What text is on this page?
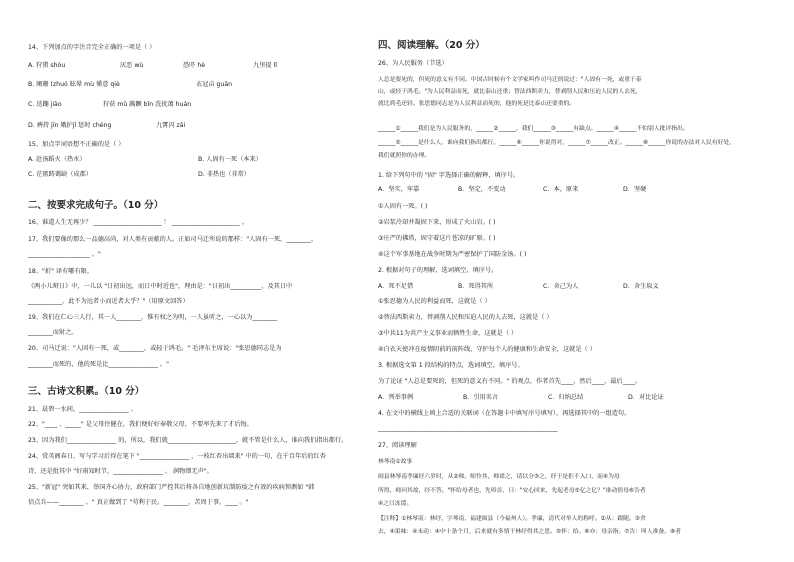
14、下列加点的字注音完全正确的一项是（ ）
A. 狩猎 shòu	厌恶 wù	恐吓 hè	九里提 lǐ
B. 阑珊 (zhuó 眩晕 mù 懂意 qiè	衣冠亩 guān
C. 迭蹦 jiāo	狩获 mǔ 蹒蹶 bǐn 洗扰蔼 huán
D. 裤持 jīn 娥护jǐ 惩时 chéng	九霄闪 zāi
15、加点字词语想不正确的是（ ）
A. 赴汤蹈火（热水）	B. 人固有一死（本来）
C. 茫匿踌蔼缺（成都）	D. 非热也（非常）
二、按要求完成句子。（10 分）
16、谁道人生无再少？ ______________________ ！ ______________________ 。
17、我们要像的那么一品德高尚，对人类有贡献的人。正如司马迁所说的那样："人固有一死，________，
____________________ 。"
18、"折" 译有哪有限。
《两小儿辩日》中，一儿以 "日初出远，而日中时近也"，理由是："日初出__________，及其日中
___________，此不为远者小而近者大乎？"（用原文回答）
19、我们在仁心三人行，其一人________，惟有权之为明，一人虽听之，一心以为________
________而射之。
20、司马迁说："人固有一死，或________，或轻于鸿毛。" 毛泽东主席说："张思德同志是为
________而死的，他的死是比________________ 。"
三、古诗文积累。（10 分）
21、晨碧一水间，________________ 。
22、"____ ，_____" 是父母住健在，我们便好好奉敬父母，不要率先来了才后悔。
23、因为我们________________ 的，所以，我们就______________________，就不管是什么人，谁向我们指出都行。
24、赏英阁春日，写与学习后得在笔下 "________________ ，一枝红杏出墙来" 中的一句，在千百年后的红杏
诗，还是批其中 "好雨知时节，________________ 。 润物细无声"。
25、"新冠" 突如其来，举国齐心协力，政府部门严控其后将各自地创新坑制防疫之有效的疾病预测如 "韩
信点兵——________ 。" 真正做到了 "苟利于民，________，苦周于事，____ 。"
四、阅读理解。（20 分）
26、为人民服务（节选）
人总是要死的，但死的意义有不同。中国古时候有个文学家叫作司马迁的说过："人固有一死，或重于泰
山，或轻于鸿毛。"为人民利益而死，就比泰山还重；替法西斯卖力，替剥削人民和压迫人民的人去死，
就比鸿毛还轻。张思德同志是为人民利益而死的，他的死是比泰山还要重的。
______①______我们是为人民服务的，______②______，我们______③______有缺点。______④______不怕别人批评指出。
______⑤______是什么人，谁向我们指出都行。______⑥______你说得对，______⑦______改正。______⑧______你说的办法对人民有好处，
我们就照你的办理。
1. 给下列句中的 "固" 字选择正确的解释，填序号。
A．坚实，牢靠	B．坚定，不变动	C．本，原来	D．坚硬
①人固有一死。( )
②岩浆冷却并凝固下来，形成了火山岩。( )
③庄严的佛塔，固守着这片苍凉的旷原。( )
④这个军事基地在战争时期为严密保护了国防金汤。( )
2. 根据对句子的理解，选词填空，填序号。
A．死不足惜	B．死得其所	C．舍己为人	D．舍生取义
①张思德为人民的利益而死，这就是（ ）
②替法西斯卖力，替剥削人民和压迫人民的人去死，这就是（ ）
③中共11为共产主义事业而牺牲生命，这就是（ ）
④白衣天使冲在疫情阴前的前阵线，守护每个人的健康和生命安全，这就是（ ）
3. 根据选文第 1 段结构的特点，选词填空，填序号。
为了论证 "人总是要死的，但死的意义有不同。" 的观点，作者首先____，然后____，最后____。
A．列举事例	B．引用名言	C．归纳总结	D．对比论证
4. 在文中的横线上填上合适的关联词（在答题卡中填写序号填写），再选择其中的一组造句。
__________________________________________________________
27、阅读理解
林琴南①故事
闽县林琴南孝廉纾六岁时，从②师。师怜其，师诺之，请以分③之，纾于是拒不入口，而④为母
所得，师问其故，纾不答。"怀给母者也，先叩首，曰："安心回来，先起老母⑤亿之亿？"谁动情母⑥告者
④之曰冻馁。
【注释】①林琴南：林纾，字琴南，福建闽县（今福州人）。孝廉，清代对举人的称呼。②从：跟随。③舍
去，④果味：④未动：④中十条个月，后来就有多情于林纾得其之思。⑤怀：给。⑥亦：母亲指。⑦告：叫人准备。⑧者
